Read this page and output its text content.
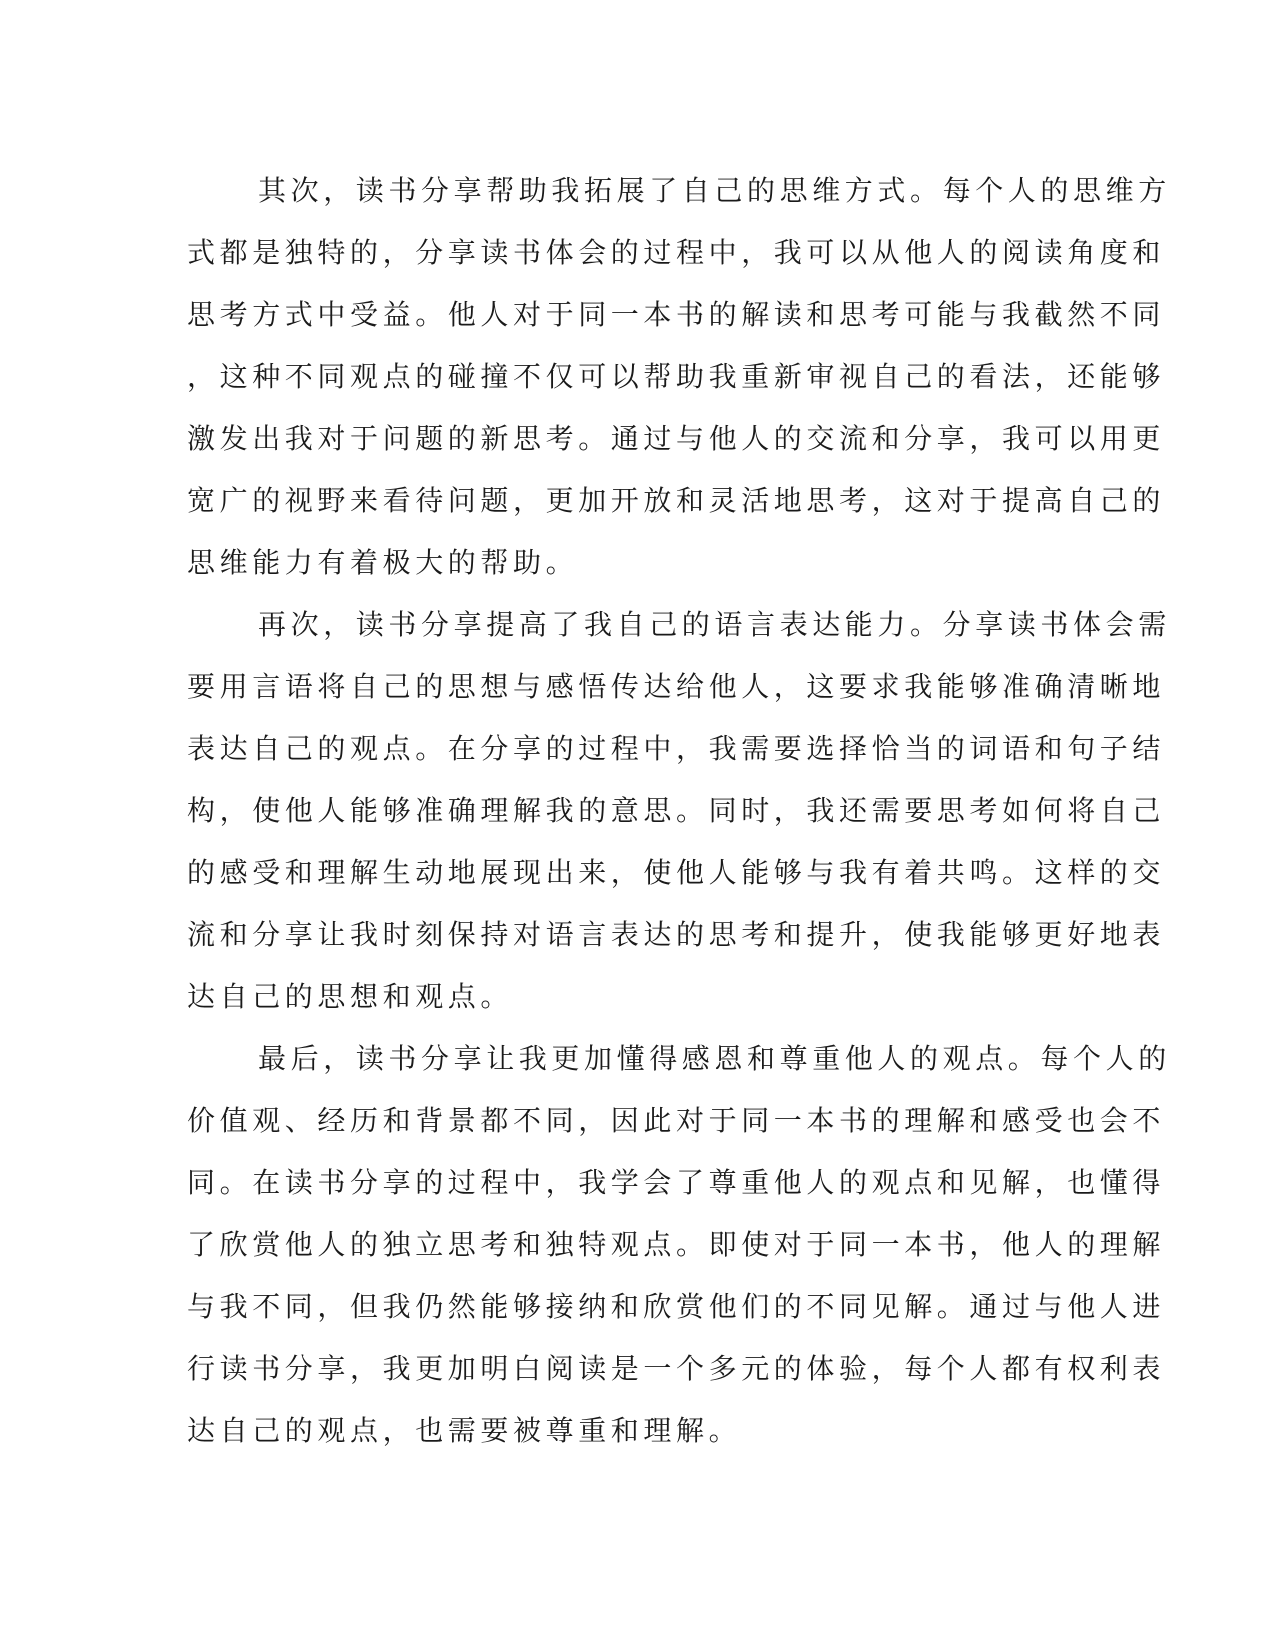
其次，读书分享帮助我拓展了自己的思维方式。每个人的思维方
式都是独特的，分享读书体会的过程中，我可以从他人的阅读角度和
思考方式中受益。他人对于同一本书的解读和思考可能与我截然不同
，这种不同观点的碰撞不仅可以帮助我重新审视自己的看法，还能够
激发出我对于问题的新思考。通过与他人的交流和分享，我可以用更
宽广的视野来看待问题，更加开放和灵活地思考，这对于提高自己的
思维能力有着极大的帮助。
再次，读书分享提高了我自己的语言表达能力。分享读书体会需
要用言语将自己的思想与感悟传达给他人，这要求我能够准确清晰地
表达自己的观点。在分享的过程中，我需要选择恰当的词语和句子结
构，使他人能够准确理解我的意思。同时，我还需要思考如何将自己
的感受和理解生动地展现出来，使他人能够与我有着共鸣。这样的交
流和分享让我时刻保持对语言表达的思考和提升，使我能够更好地表
达自己的思想和观点。
最后，读书分享让我更加懂得感恩和尊重他人的观点。每个人的
价值观、经历和背景都不同，因此对于同一本书的理解和感受也会不
同。在读书分享的过程中，我学会了尊重他人的观点和见解，也懂得
了欣赏他人的独立思考和独特观点。即使对于同一本书，他人的理解
与我不同，但我仍然能够接纳和欣赏他们的不同见解。通过与他人进
行读书分享，我更加明白阅读是一个多元的体验，每个人都有权利表
达自己的观点，也需要被尊重和理解。
